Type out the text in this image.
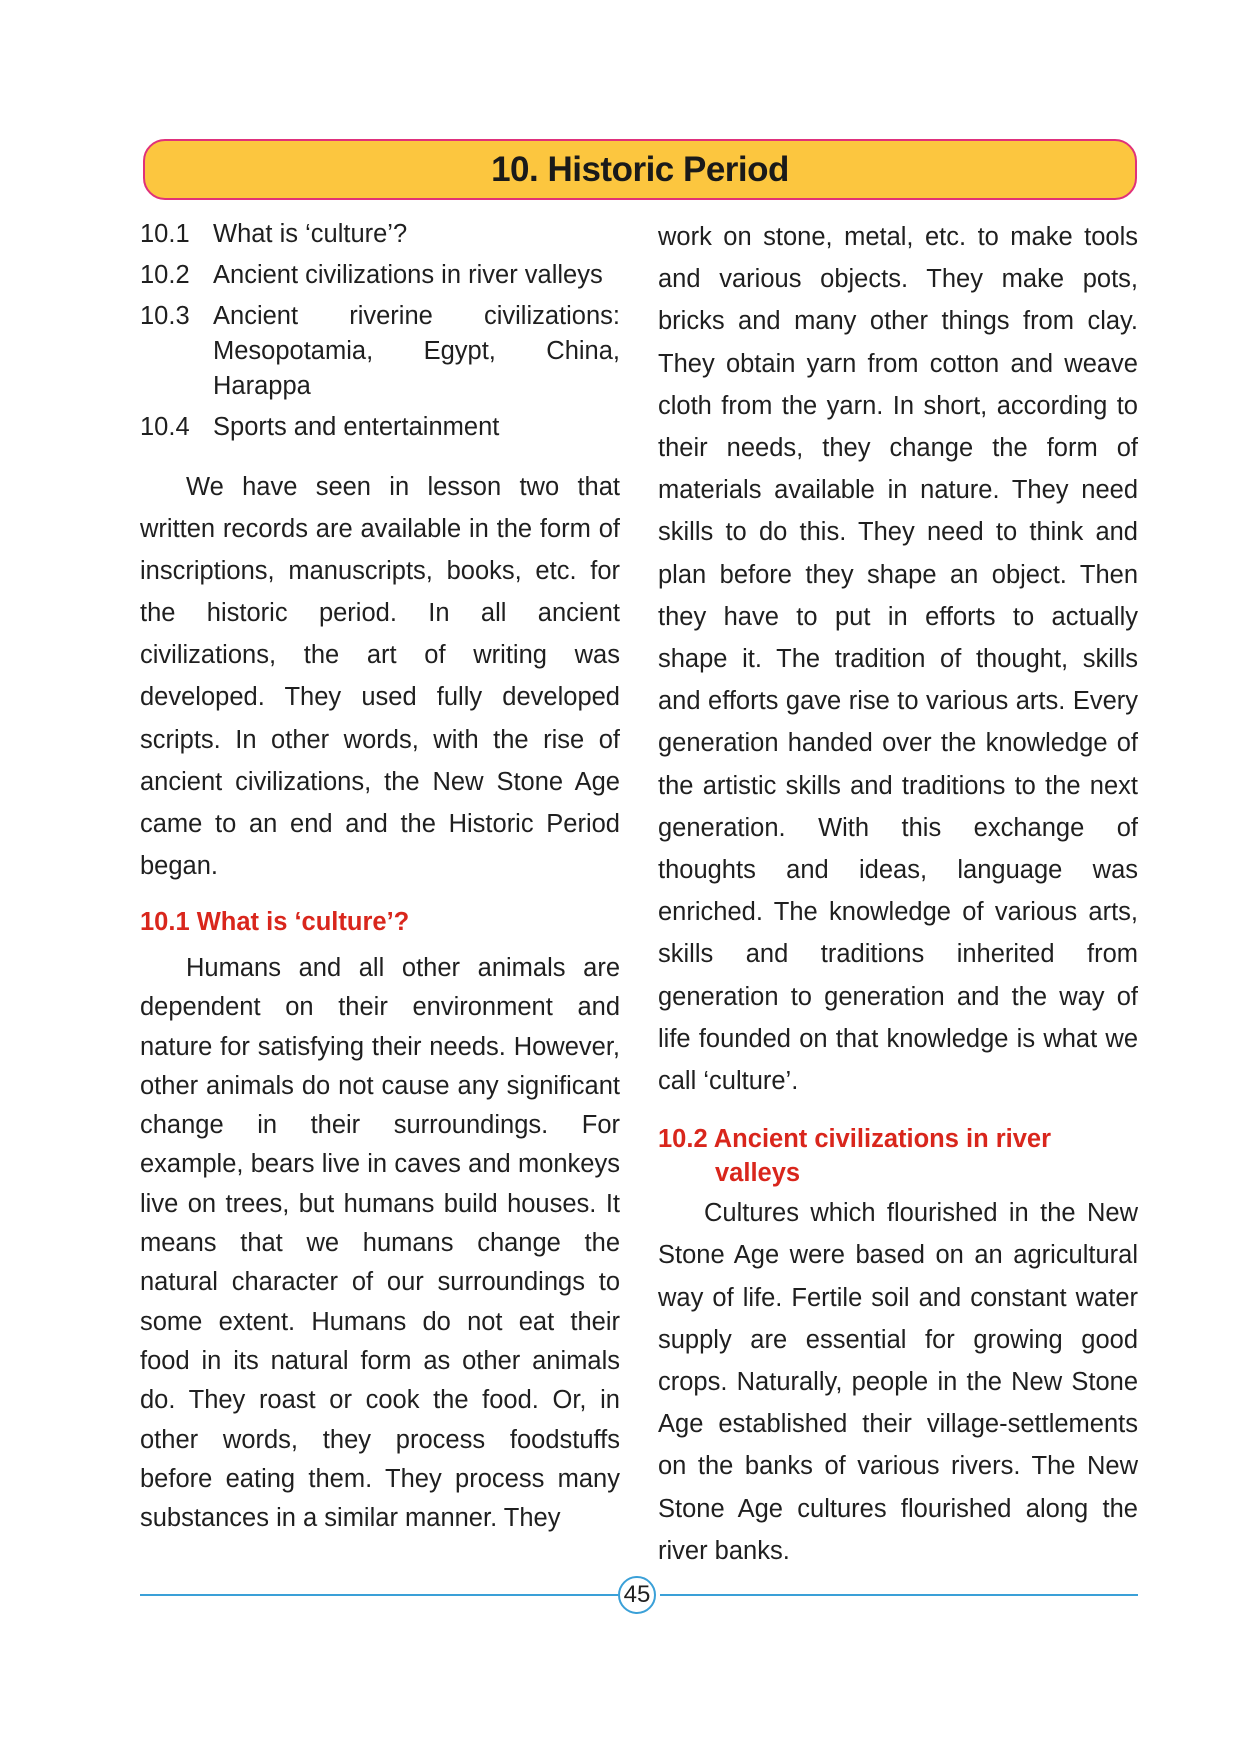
10. Historic Period
10.1 What is ‘culture’?
10.2 Ancient civilizations in river valleys
10.3 Ancient riverine civilizations: Mesopotamia, Egypt, China, Harappa
10.4 Sports and entertainment

We have seen in lesson two that written records are available in the form of inscriptions, manuscripts, books, etc. for the historic period. In all ancient civilizations, the art of writing was developed. They used fully developed scripts. In other words, with the rise of ancient civilizations, the New Stone Age came to an end and the Historic Period began.

10.1 What is ‘culture’?

Humans and all other animals are dependent on their environment and nature for satisfying their needs. However, other animals do not cause any significant change in their surroundings. For example, bears live in caves and monkeys live on trees, but humans build houses. It means that we humans change the natural character of our surroundings to some extent. Humans do not eat their food in its natural form as other animals do. They roast or cook the food. Or, in other words, they process foodstuffs before eating them. They process many substances in a similar manner. They

work on stone, metal, etc. to make tools and various objects. They make pots, bricks and many other things from clay. They obtain yarn from cotton and weave cloth from the yarn. In short, according to their needs, they change the form of materials available in nature. They need skills to do this. They need to think and plan before they shape an object. Then they have to put in efforts to actually shape it. The tradition of thought, skills and efforts gave rise to various arts. Every generation handed over the knowledge of the artistic skills and traditions to the next generation. With this exchange of thoughts and ideas, language was enriched. The knowledge of various arts, skills and traditions inherited from generation to generation and the way of life founded on that knowledge is what we call ‘culture’.

10.2 Ancient civilizations in river
valleys

Cultures which flourished in the New Stone Age were based on an agricultural way of life. Fertile soil and constant water supply are essential for growing good crops. Naturally, people in the New Stone Age established their village-settlements on the banks of various rivers. The New Stone Age cultures flourished along the river banks.

45
